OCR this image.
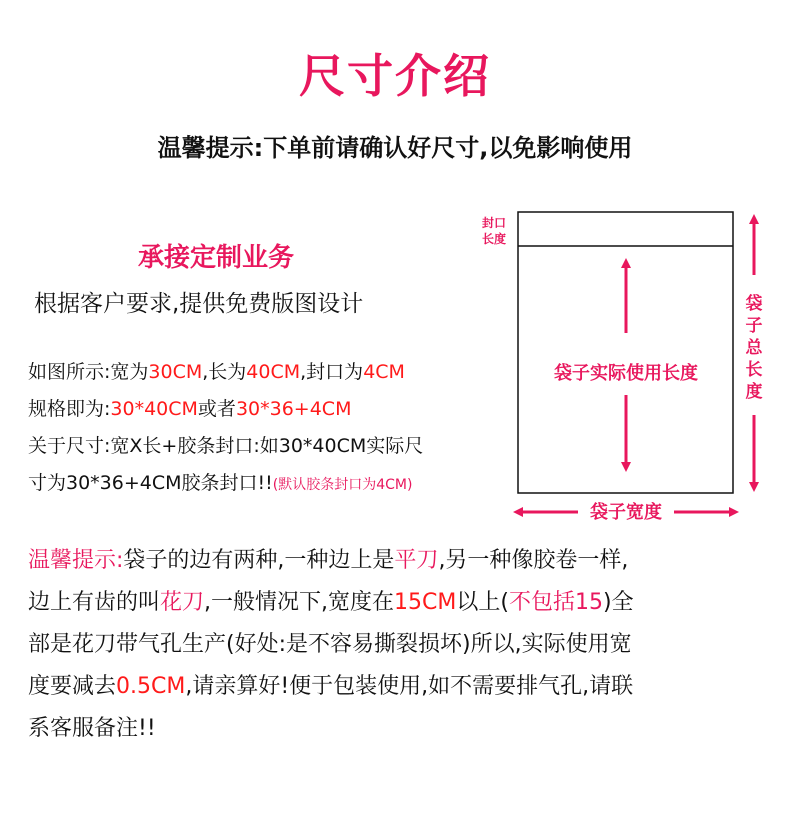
尺寸介绍
温馨提示:下单前请确认好尺寸,以免影响使用
承接定制业务
根据客户要求,提供免费版图设计
如图所示:宽为30CM,长为40CM,封口为4CM
规格即为:30*40CM或者30*36+4CM
关于尺寸:宽X长+胶条封口:如30*40CM实际尺
寸为30*36+4CM胶条封口!!(默认胶条封口为4CM)
封口
长度
袋子实际使用长度
袋
子
总
长
度
袋子宽度
温馨提示:袋子的边有两种,一种边上是平刀,另一种像胶卷一样,
边上有齿的叫花刀,一般情况下,宽度在15CM以上(不包括15)全
部是花刀带气孔生产(好处:是不容易撕裂损坏)所以,实际使用宽
度要减去0.5CM,请亲算好!便于包装使用,如不需要排气孔,请联
系客服备注!!
